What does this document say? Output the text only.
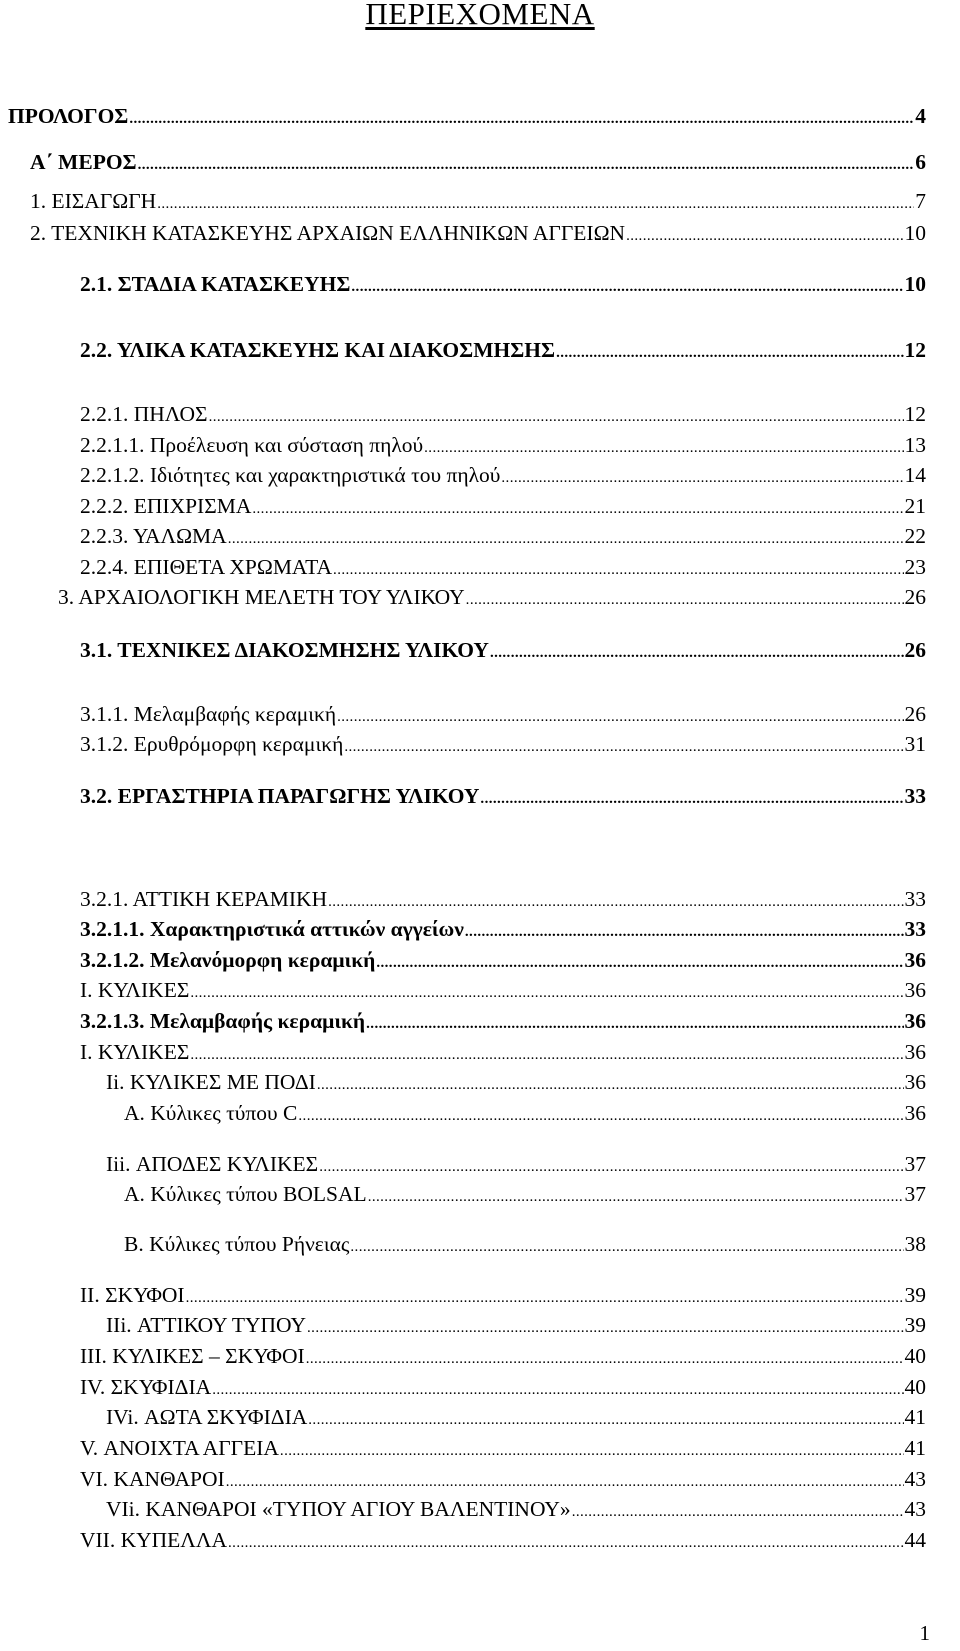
ΠΕΡΙΕΧΟΜΕΝΑ
ΠΡΟΛΟΓΟΣ .....	4
Α΄ ΜΕΡΟΣ .....	6
1. ΕΙΣΑΓΩΓΗ .....	7
2. ΤΕΧΝΙΚΗ ΚΑΤΑΣΚΕΥΗΣ ΑΡΧΑΙΩΝ ΕΛΛΗΝΙΚΩΝ ΑΓΓΕΙΩΝ .....	10
2.1. ΣΤΑΔΙΑ ΚΑΤΑΣΚΕΥΗΣ .....	10
2.2. ΥΛΙΚΑ ΚΑΤΑΣΚΕΥΗΣ ΚΑΙ ΔΙΑΚΟΣΜΗΣΗΣ .....	12
2.2.1. ΠΗΛΟΣ .....	12
2.2.1.1. Προέλευση και σύσταση πηλού .....	13
2.2.1.2. Ιδιότητες και χαρακτηριστικά του πηλού .....	14
2.2.2. ΕΠΙΧΡΙΣΜΑ .....	21
2.2.3. ΥΑΛΩΜΑ .....	22
2.2.4. ΕΠΙΘΕΤΑ ΧΡΩΜΑΤΑ .....	23
3. ΑΡΧΑΙΟΛΟΓΙΚΗ ΜΕΛΕΤΗ ΤΟΥ ΥΛΙΚΟΥ .....	26
3.1. ΤΕΧΝΙΚΕΣ ΔΙΑΚΟΣΜΗΣΗΣ ΥΛΙΚΟΥ .....	26
3.1.1. Μελαμβαφής κεραμική .....	26
3.1.2. Ερυθρόμορφη κεραμική .....	31
3.2. ΕΡΓΑΣΤΗΡΙΑ ΠΑΡΑΓΩΓΗΣ ΥΛΙΚΟΥ .....	33
3.2.1. ΑΤΤΙΚΗ ΚΕΡΑΜΙΚΗ .....	33
3.2.1.1. Χαρακτηριστικά αττικών αγγείων .....	33
3.2.1.2. Μελανόμορφη κεραμική .....	36
Ι. ΚΥΛΙΚΕΣ .....	36
3.2.1.3. Μελαμβαφής κεραμική .....	36
Ι. ΚΥΛΙΚΕΣ .....	36
Ii. ΚΥΛΙΚΕΣ ΜΕ ΠΟΔΙ .....	36
Α. Κύλικες τύπου C .....	36
Iii. ΑΠΟΔΕΣ ΚΥΛΙΚΕΣ .....	37
Α. Κύλικες τύπου BOLSAL .....	37
Β. Κύλικες τύπου Ρήνειας .....	38
ΙΙ. ΣΚΥΦΟΙ .....	39
IIi. ΑΤΤΙΚΟΥ ΤΥΠΟΥ .....	39
ΙΙΙ. ΚΥΛΙΚΕΣ – ΣΚΥΦΟΙ .....	40
IV. ΣΚΥΦΙΔΙΑ .....	40
IVi. ΑΩΤΑ ΣΚΥΦΙΔΙΑ .....	41
V. ΑΝΟΙΧΤΑ ΑΓΓΕΙΑ .....	41
VI. ΚΑΝΘΑΡΟΙ .....	43
VIi. ΚΑΝΘΑΡΟΙ «ΤΥΠΟΥ ΑΓΙΟΥ ΒΑΛΕΝΤΙΝΟΥ» .....	43
VII. ΚΥΠΕΛΛΑ .....	44
1
